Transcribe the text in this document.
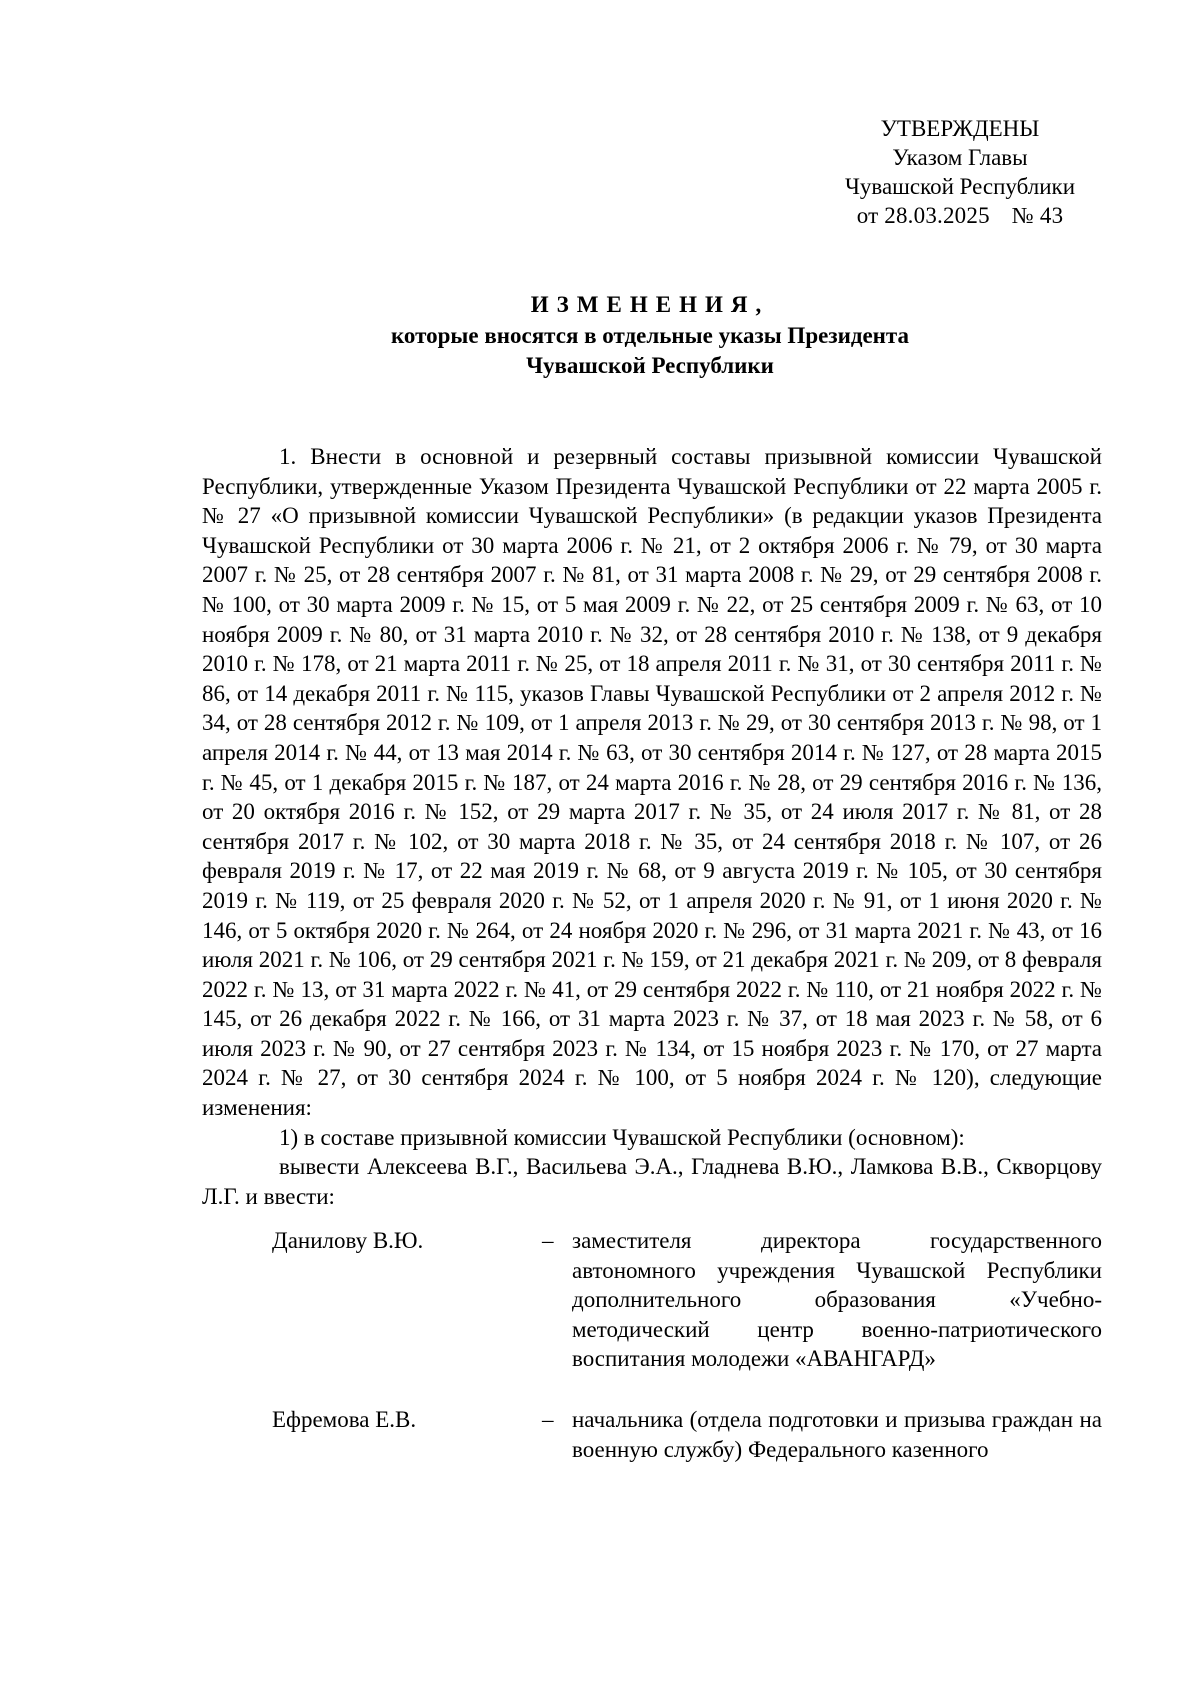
УТВЕРЖДЕНЫ
Указом Главы
Чувашской Республики
от 28.03.2025 № 43
ИЗМЕНЕНИЯ,
которые вносятся в отдельные указы Президента
Чувашской Республики

1. Внести в основной и резервный составы призывной комиссии Чувашской Республики, утвержденные Указом Президента Чувашской Республики от 22 марта 2005 г. № 27 «О призывной комиссии Чувашской Республики» (в редакции указов Президента Чувашской Республики от 30 марта 2006 г. № 21, от 2 октября 2006 г. № 79, от 30 марта 2007 г. № 25, от 28 сентября 2007 г. № 81, от 31 марта 2008 г. № 29, от 29 сентября 2008 г. № 100, от 30 марта 2009 г. № 15, от 5 мая 2009 г. № 22, от 25 сентября 2009 г. № 63, от 10 ноября 2009 г. № 80, от 31 марта 2010 г. № 32, от 28 сентября 2010 г. № 138, от 9 декабря 2010 г. № 178, от 21 марта 2011 г. № 25, от 18 апреля 2011 г. № 31, от 30 сентября 2011 г. № 86, от 14 декабря 2011 г. № 115, указов Главы Чувашской Республики от 2 апреля 2012 г. № 34, от 28 сентября 2012 г. № 109, от 1 апреля 2013 г. № 29, от 30 сентября 2013 г. № 98, от 1 апреля 2014 г. № 44, от 13 мая 2014 г. № 63, от 30 сентября 2014 г. № 127, от 28 марта 2015 г. № 45, от 1 декабря 2015 г. № 187, от 24 марта 2016 г. № 28, от 29 сентября 2016 г. № 136, от 20 октября 2016 г. № 152, от 29 марта 2017 г. № 35, от 24 июля 2017 г. № 81, от 28 сентября 2017 г. № 102, от 30 марта 2018 г. № 35, от 24 сентября 2018 г. № 107, от 26 февраля 2019 г. № 17, от 22 мая 2019 г. № 68, от 9 августа 2019 г. № 105, от 30 сентября 2019 г. № 119, от 25 февраля 2020 г. № 52, от 1 апреля 2020 г. № 91, от 1 июня 2020 г. № 146, от 5 октября 2020 г. № 264, от 24 ноября 2020 г. № 296, от 31 марта 2021 г. № 43, от 16 июля 2021 г. № 106, от 29 сентября 2021 г. № 159, от 21 декабря 2021 г. № 209, от 8 февраля 2022 г. № 13, от 31 марта 2022 г. № 41, от 29 сентября 2022 г. № 110, от 21 ноября 2022 г. № 145, от 26 декабря 2022 г. № 166, от 31 марта 2023 г. № 37, от 18 мая 2023 г. № 58, от 6 июля 2023 г. № 90, от 27 сентября 2023 г. № 134, от 15 ноября 2023 г. № 170, от 27 марта 2024 г. № 27, от 30 сентября 2024 г. № 100, от 5 ноября 2024 г. № 120), следующие изменения:

1) в составе призывной комиссии Чувашской Республики (основном):

вывести Алексеева В.Г., Васильева Э.А., Гладнева В.Ю., Ламкова В.В., Скворцову Л.Г. и ввести:

Данилову В.Ю.	– заместителя директора государственного автономного учреждения Чувашской Республики дополнительного образования «Учебно-методический центр военно-патриотического воспитания молодежи «АВАНГАРД»
Ефремова Е.В.	– начальника (отдела подготовки и призыва граждан на военную службу) Федерального казенного
